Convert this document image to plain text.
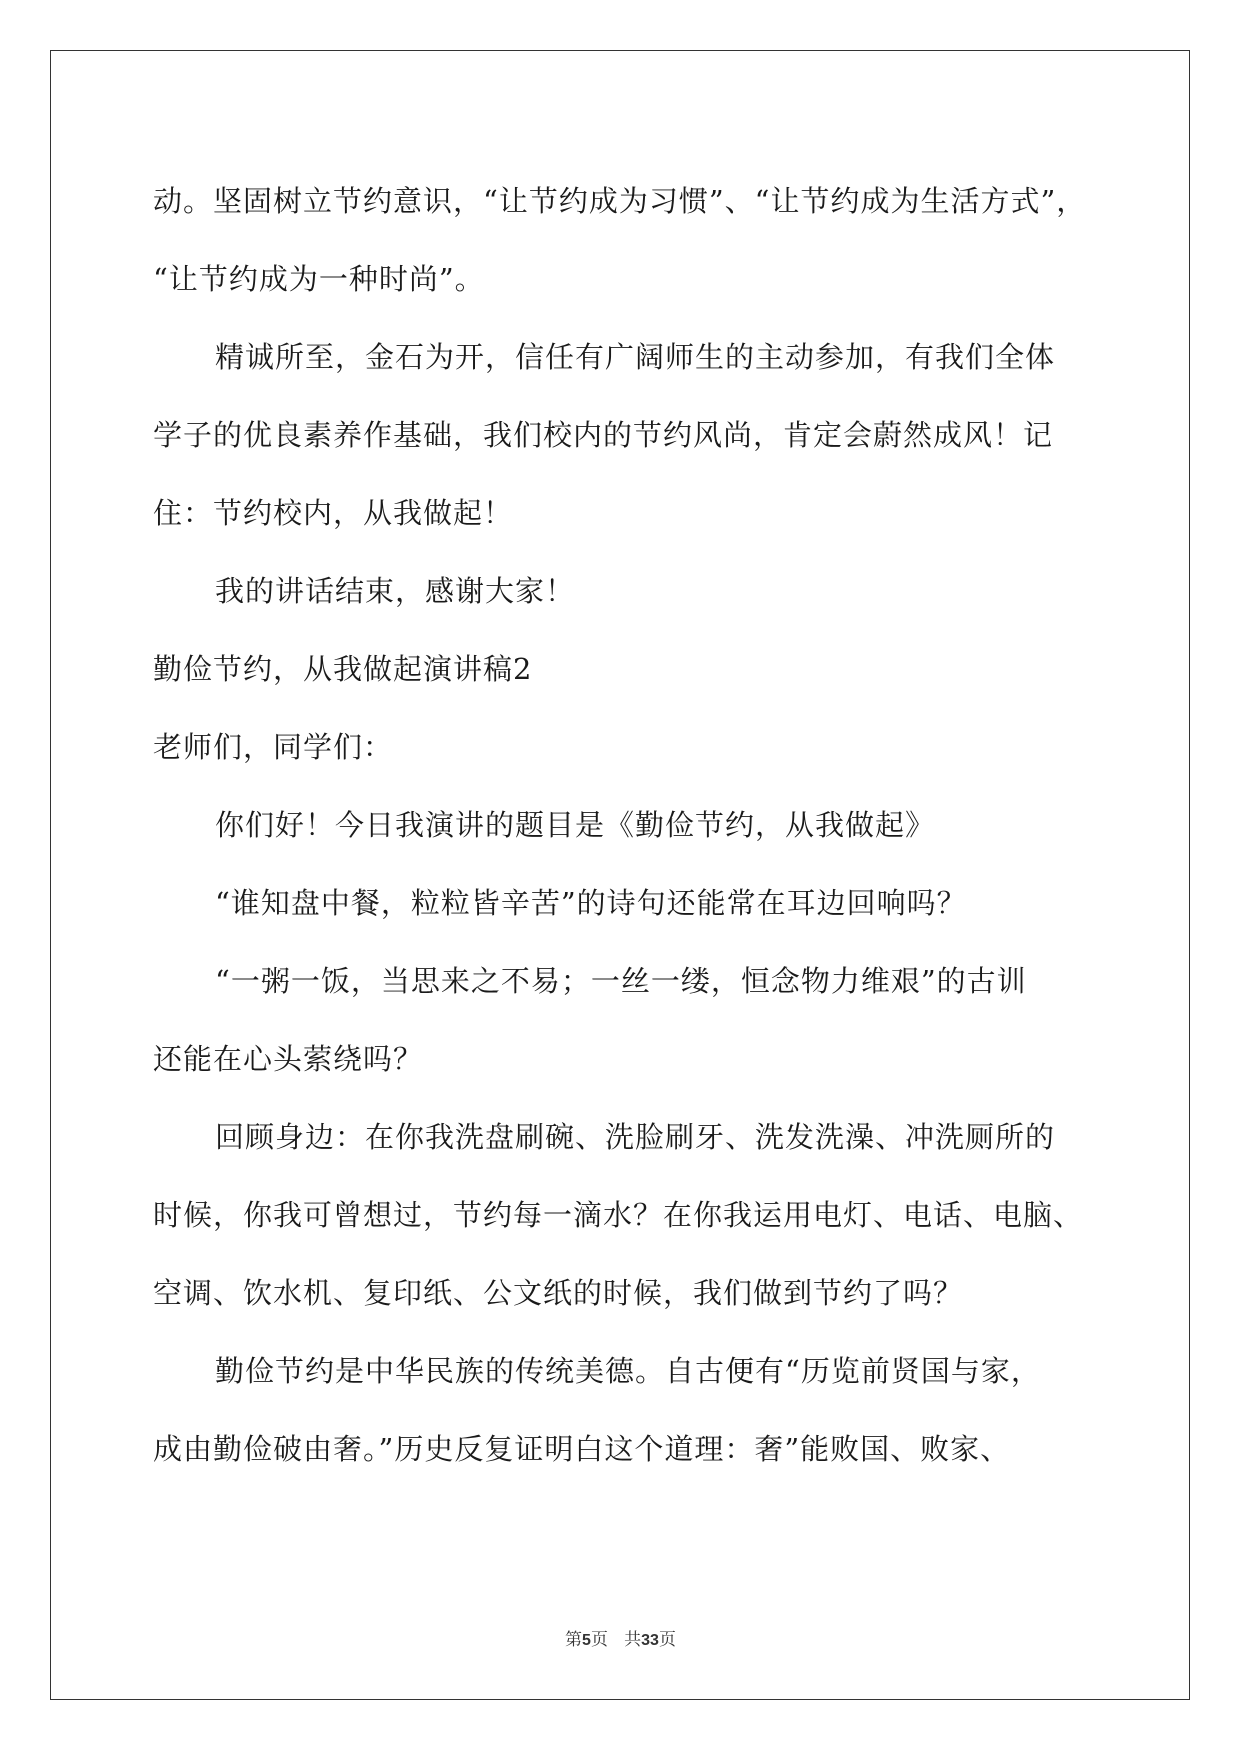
动。坚固树立节约意识，“让节约成为习惯”、“让节约成为生活方式”，
“让节约成为一种时尚”。
精诚所至，金石为开，信任有广阔师生的主动参加，有我们全体
学子的优良素养作基础，我们校内的节约风尚，肯定会蔚然成风！记
住：节约校内，从我做起！
我的讲话结束，感谢大家！
勤俭节约，从我做起演讲稿2
老师们，同学们：
你们好！今日我演讲的题目是《勤俭节约，从我做起》
“谁知盘中餐，粒粒皆辛苦”的诗句还能常在耳边回响吗？
“一粥一饭，当思来之不易；一丝一缕，恒念物力维艰”的古训
还能在心头萦绕吗？
回顾身边：在你我洗盘刷碗、洗脸刷牙、洗发洗澡、冲洗厕所的
时候，你我可曾想过，节约每一滴水？在你我运用电灯、电话、电脑、
空调、饮水机、复印纸、公文纸的时候，我们做到节约了吗？
勤俭节约是中华民族的传统美德。自古便有“历览前贤国与家，
成由勤俭破由奢。”历史反复证明白这个道理：奢”能败国、败家、
第5页 共33页
